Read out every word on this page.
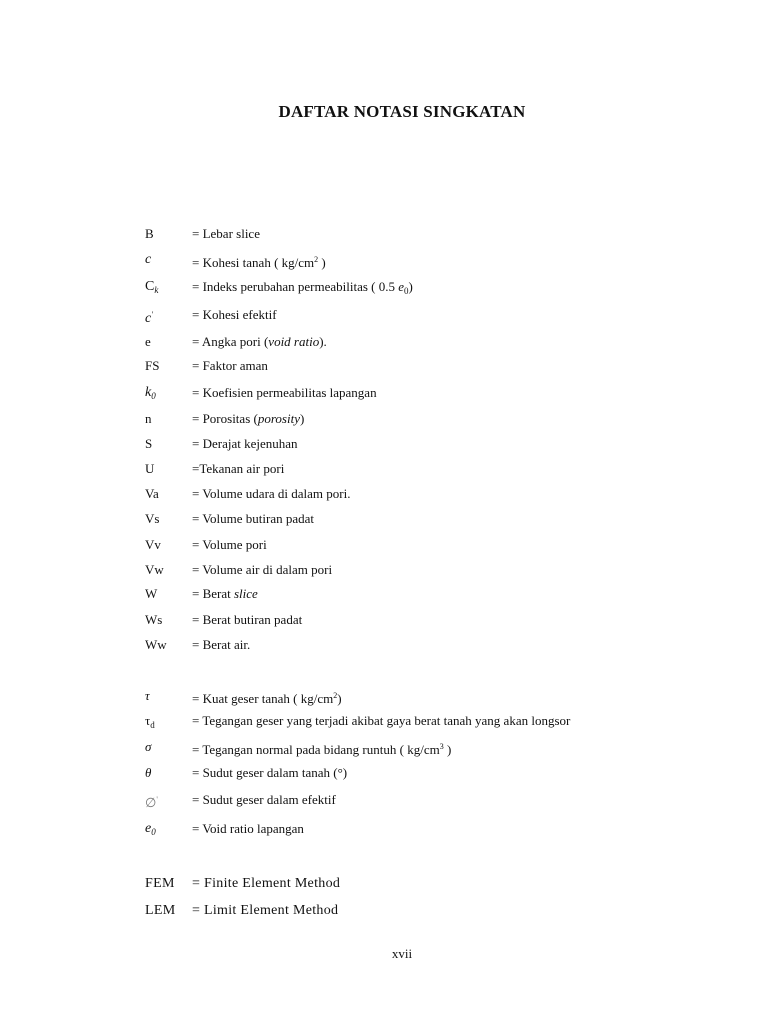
DAFTAR NOTASI SINGKATAN
B	= Lebar slice
c	= Kohesi tanah ( $kg/cm^2$ )
$C_k$	= Indeks perubahan permeabilitas ( 0.5 $e_0$)
c'	= Kohesi efektif
e	= Angka pori (void ratio).
FS	= Faktor aman
$k_0$	= Koefisien permeabilitas lapangan
n	= Porositas (porosity)
S	= Derajat kejenuhan
U	=Tekanan air pori
Va	= Volume udara di dalam pori.
Vs	= Volume butiran padat
Vv	= Volume pori
Vw	= Volume air di dalam pori
W	= Berat slice
Ws	= Berat butiran padat
Ww	= Berat air.
τ	= Kuat geser tanah ( $kg/cm^2$)
$\tau_d$	= Tegangan geser yang terjadi akibat gaya berat tanah yang akan longsor
σ	= Tegangan normal pada bidang runtuh ( $kg/cm^3$ )
θ	= Sudut geser dalam tanah (°)
∅'	= Sudut geser dalam efektif
$e_0$	= Void ratio lapangan
FEM	= Finite Element Method
LEM	= Limit Element Method
xvii
